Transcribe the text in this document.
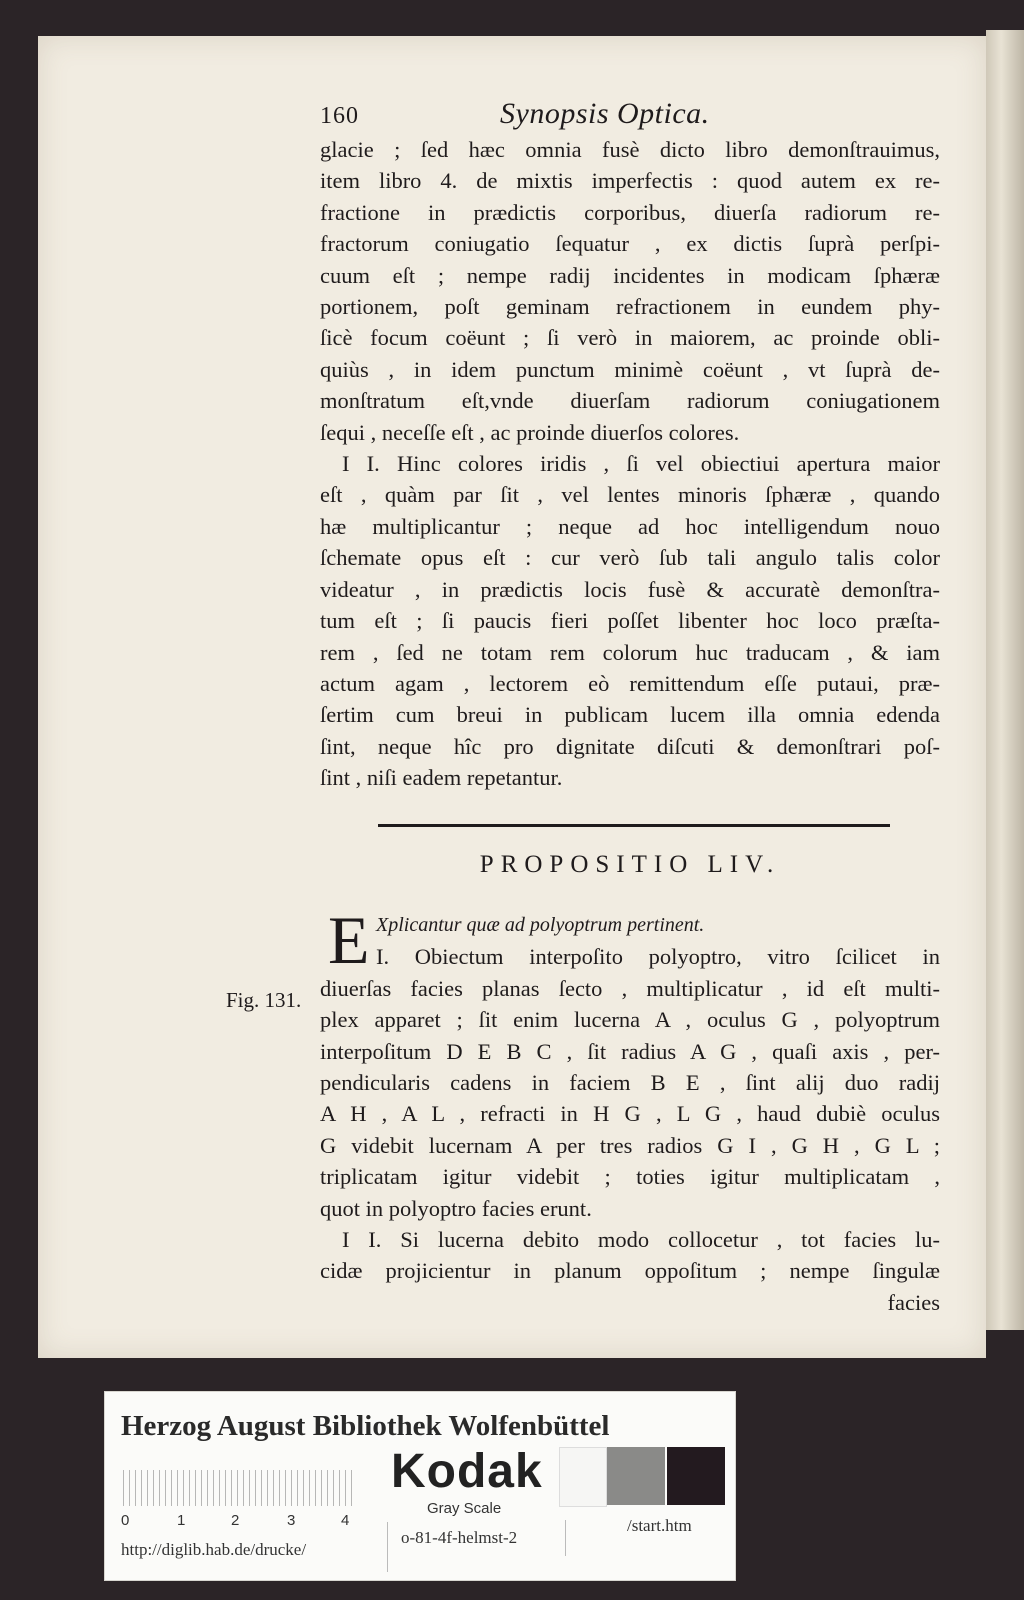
160	Synopsis Optica.
glacie ; ſed hæc omnia fusè dicto libro demonſtrauimus,
item libro 4. de mixtis imperfectis : quod autem ex re-
fractione in prædictis corporibus, diuerſa radiorum re-
fractorum coniugatio ſequatur , ex dictis ſuprà perſpi-
cuum eſt ; nempe radij incidentes in modicam ſphæræ
portionem, poſt geminam refractionem in eundem phy-
ſicè focum coëunt ; ſi verò in maiorem, ac proinde obli-
quiùs , in idem punctum minimè coëunt , vt ſuprà de-
monſtratum eſt,vnde diuerſam radiorum coniugationem
ſequi , neceſſe eſt , ac proinde diuerſos colores.
I I. Hinc colores iridis , ſi vel obiectiui apertura maior
eſt , quàm par ſit , vel lentes minoris ſphæræ , quando
hæ multiplicantur ; neque ad hoc intelligendum nouo
ſchemate opus eſt : cur verò ſub tali angulo talis color
videatur , in prædictis locis fusè & accuratè demonſtra-
tum eſt ; ſi paucis fieri poſſet libenter hoc loco præſta-
rem , ſed ne totam rem colorum huc traducam , & iam
actum agam , lectorem eò remittendum eſſe putaui, præ-
ſertim cum breui in publicam lucem illa omnia edenda
ſint, neque hîc pro dignitate diſcuti & demonſtrari poſ-
ſint , niſi eadem repetantur.
PROPOSITIO LIV.
E Xplicantur quæ ad polyoptrum pertinent.
I. Obiectum interpoſito polyoptro, vitro ſcilicet in
diuerſas facies planas ſecto , multiplicatur , id eſt multi-
plex apparet ; ſit enim lucerna A , oculus G , polyoptrum
interpoſitum D E B C , ſit radius A G , quaſi axis , per-
pendicularis cadens in faciem B E , ſint alij duo radij
A H , A L , refracti in H G , L G , haud dubiè oculus
G videbit lucernam A per tres radios G I , G H , G L ;
triplicatam igitur videbit ; toties igitur multiplicatam ,
quot in polyoptro facies erunt.
I I. Si lucerna debito modo collocetur , tot facies lu-
cidæ projicientur in planum oppoſitum ; nempe ſingulæ
facies
Fig. 131.
Herzog August Bibliothek Wolfenbüttel
0	1	2	3	4
Kodak
Gray Scale
http://diglib.hab.de/drucke/
o-81-4f-helmst-2
/start.htm
